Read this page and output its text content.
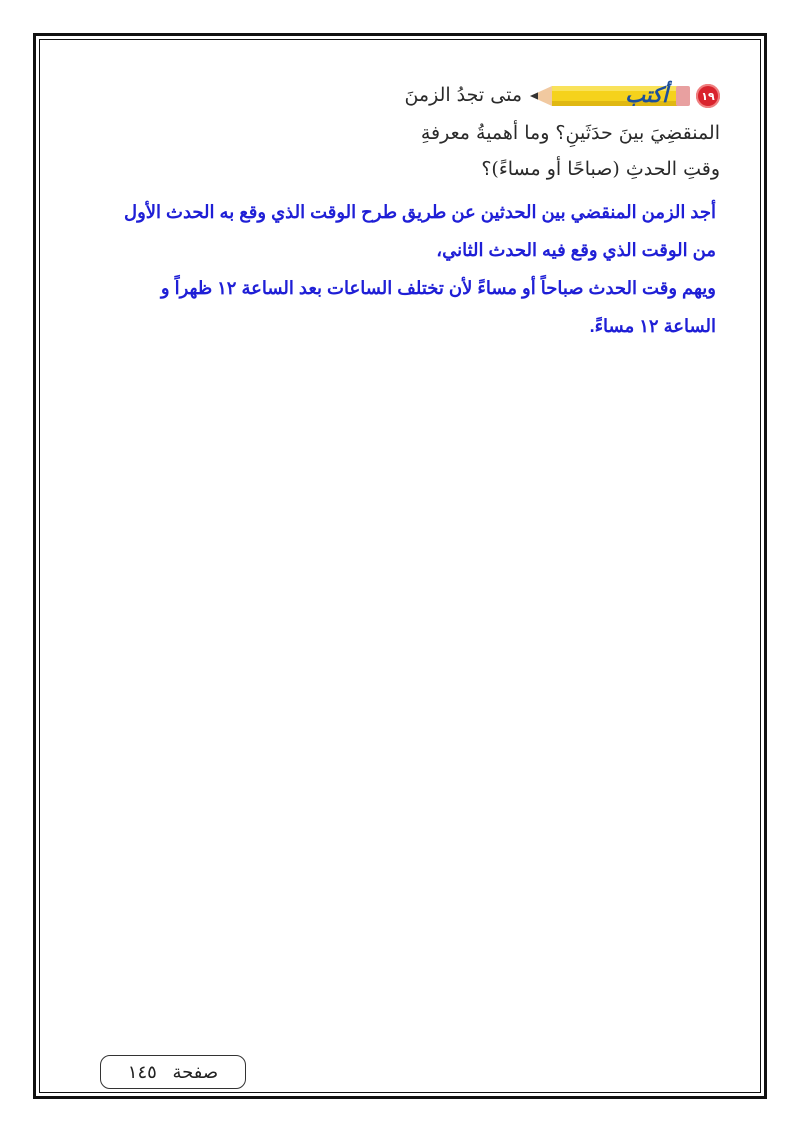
١٩
أكتب
متى تجدُ الزمنَ
المنقضِيَ بينَ حدَثَينِ؟ وما أهميةُ معرفةِ
وقتِ الحدثِ (صباحًا أو مساءً)؟
أجد الزمن المنقضي بين الحدثين عن طريق طرح الوقت الذي وقع به الحدث الأول
من الوقت الذي وقع فيه الحدث الثاني،
ويهم وقت الحدث صباحاً أو مساءً لأن تختلف الساعات بعد الساعة ١٢ ظهراً و
الساعة ١٢ مساءً.
صفحة ١٤٥
